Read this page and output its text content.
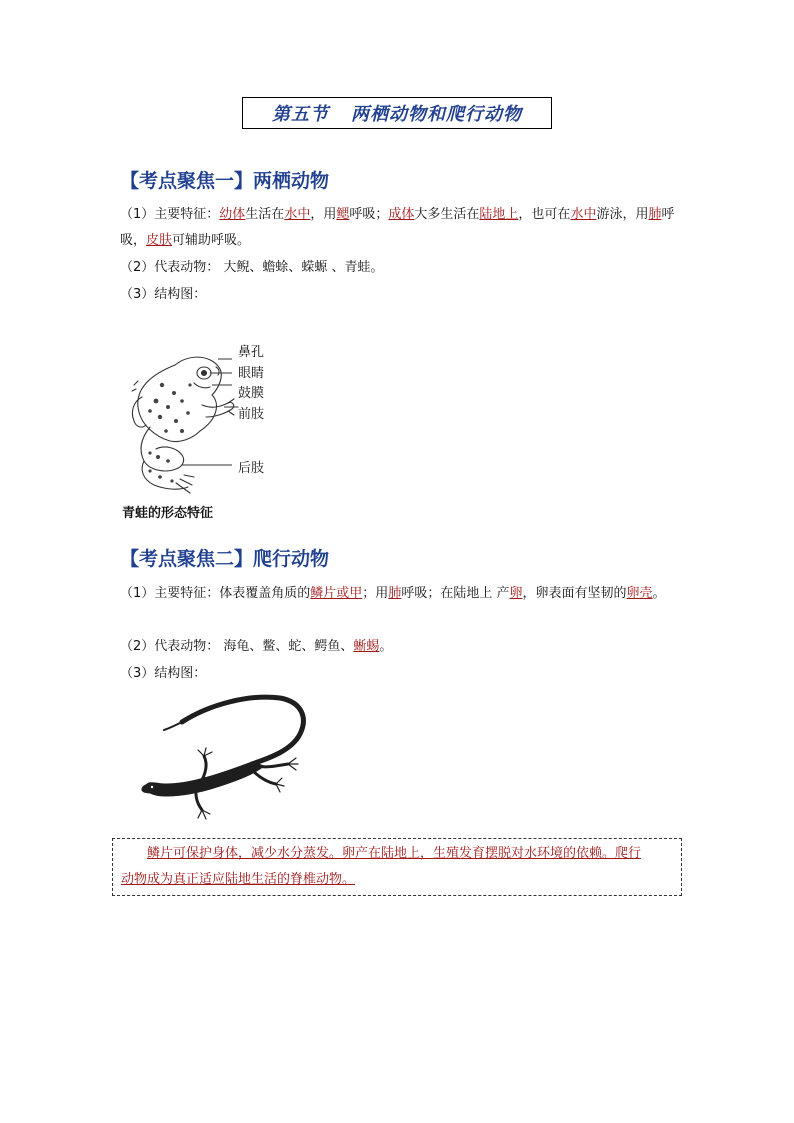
第五节 两栖动物和爬行动物
【考点聚焦一】两栖动物
（1）主要特征：幼体生活在水中，用鳃呼吸；成体大多生活在陆地上，也可在水中游泳，用肺呼吸，皮肤可辅助呼吸。
（2）代表动物： 大鲵、蟾蜍、蝾螈 、青蛙。
（3）结构图：
鼻孔
眼睛
鼓膜
前肢
后肢
青蛙的形态特征
【考点聚焦二】爬行动物
（1）主要特征：体表覆盖角质的鳞片或甲；用肺呼吸；在陆地上 产卵，卵表面有坚韧的卵壳。
（2）代表动物： 海龟、鳖、蛇、鳄鱼、蜥蜴。
（3）结构图：
鳞片可保护身体，减少水分蒸发。卵产在陆地上，生殖发育摆脱对水环境的依赖。爬行
动物成为真正适应陆地生活的脊椎动物。
